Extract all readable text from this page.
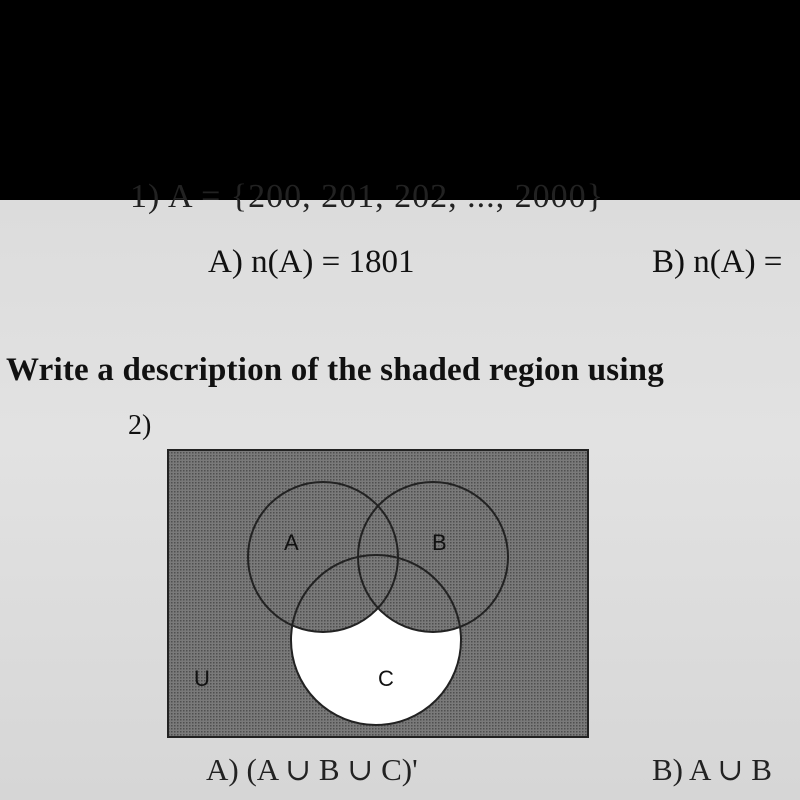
1) A = {200, 201, 202, ..., 2000}
A) n(A) = 1801	B) n(A) =
Write a description of the shaded region using
2)
A	B
C
U
A) (A ∪ B ∪ C)'	B) A ∪ B
